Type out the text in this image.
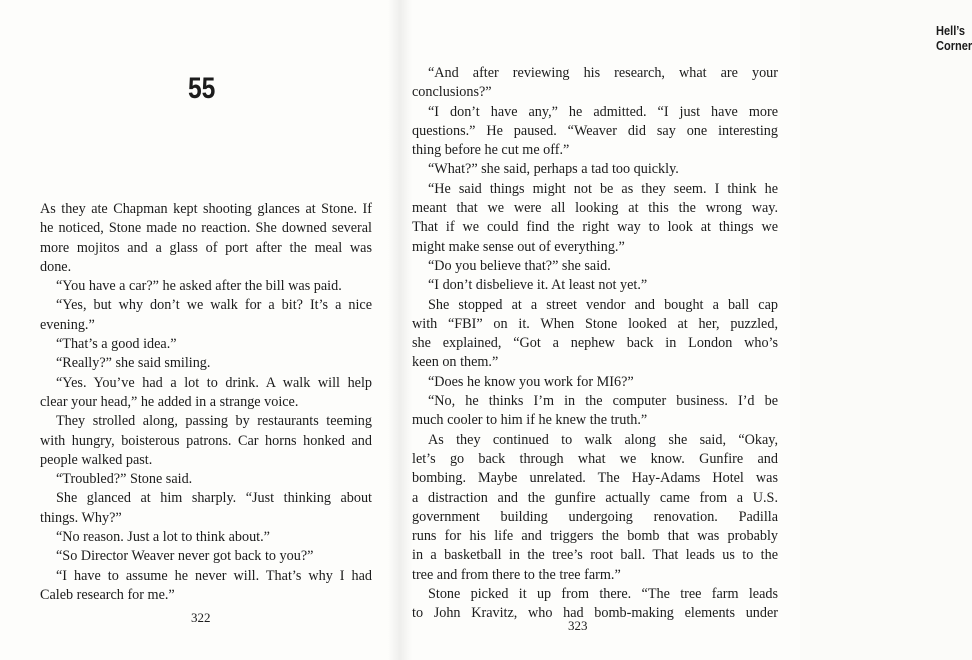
55
As they ate Chapman kept shooting glances at Stone. If
he noticed, Stone made no reaction. She downed several
more mojitos and a glass of port after the meal was
done.
“You have a car?” he asked after the bill was paid.
“Yes, but why don’t we walk for a bit? It’s a nice
evening.”
“That’s a good idea.”
“Really?” she said smiling.
“Yes. You’ve had a lot to drink. A walk will help
clear your head,” he added in a strange voice.
They strolled along, passing by restaurants teeming
with hungry, boisterous patrons. Car horns honked and
people walked past.
“Troubled?” Stone said.
She glanced at him sharply. “Just thinking about
things. Why?”
“No reason. Just a lot to think about.”
“So Director Weaver never got back to you?”
“I have to assume he never will. That’s why I had
Caleb research for me.”
322
Hell’s Corner
“And after reviewing his research, what are your
conclusions?”
“I don’t have any,” he admitted. “I just have more
questions.” He paused. “Weaver did say one interesting
thing before he cut me off.”
“What?” she said, perhaps a tad too quickly.
“He said things might not be as they seem. I think he
meant that we were all looking at this the wrong way.
That if we could find the right way to look at things we
might make sense out of everything.”
“Do you believe that?” she said.
“I don’t disbelieve it. At least not yet.”
She stopped at a street vendor and bought a ball cap
with “FBI” on it. When Stone looked at her, puzzled,
she explained, “Got a nephew back in London who’s
keen on them.”
“Does he know you work for MI6?”
“No, he thinks I’m in the computer business. I’d be
much cooler to him if he knew the truth.”
As they continued to walk along she said, “Okay,
let’s go back through what we know. Gunfire and
bombing. Maybe unrelated. The Hay-Adams Hotel was
a distraction and the gunfire actually came from a U.S.
government building undergoing renovation. Padilla
runs for his life and triggers the bomb that was probably
in a basketball in the tree’s root ball. That leads us to the
tree and from there to the tree farm.”
Stone picked it up from there. “The tree farm leads
to John Kravitz, who had bomb-making elements under
323
